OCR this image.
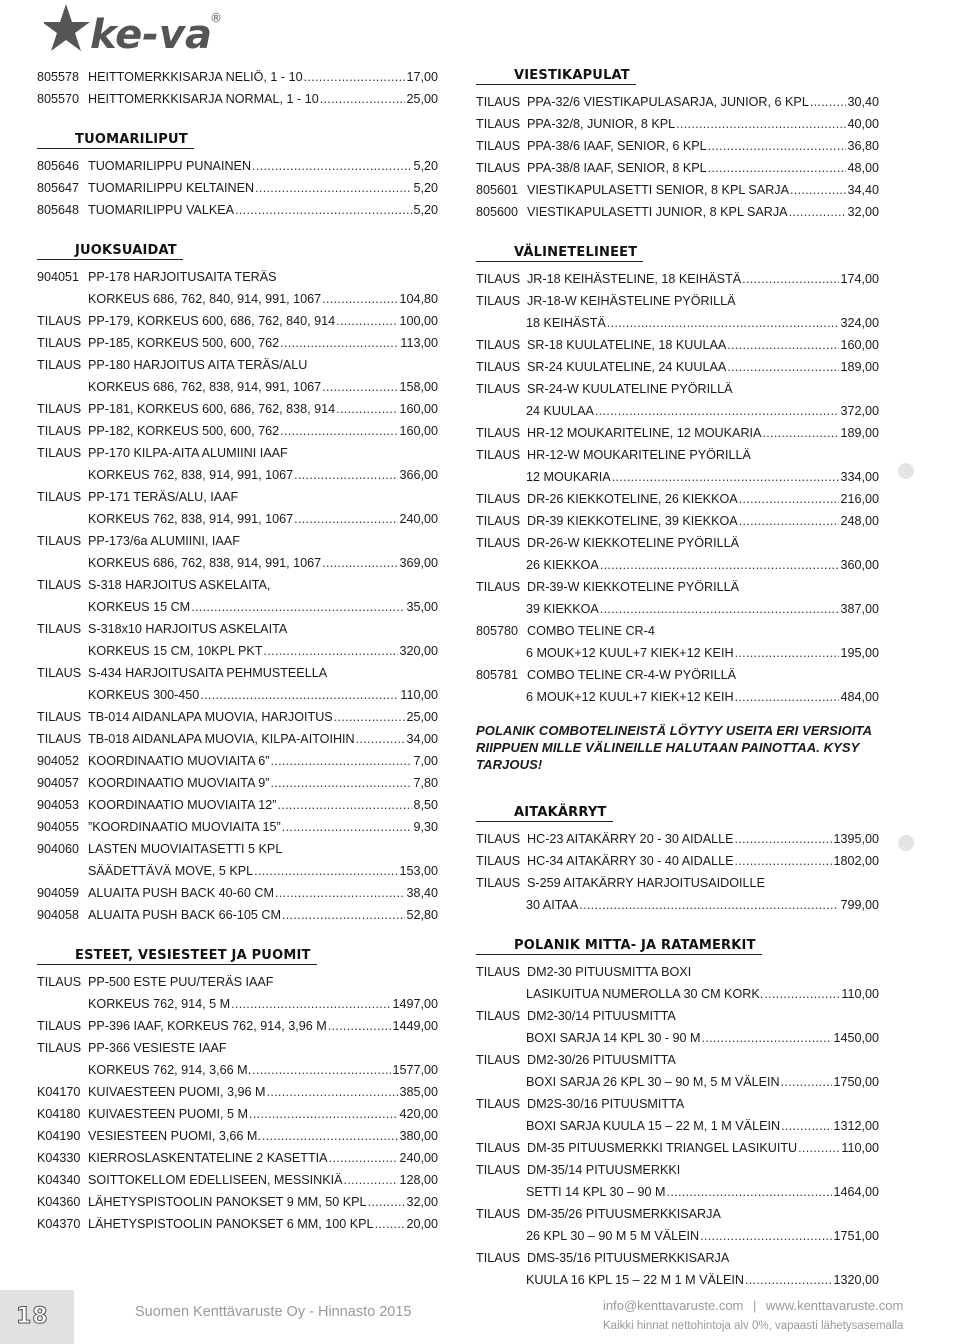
ke-va
®
805578 HEITTOMERKKISARJA NELIÖ, 1 - 10 .....	17,00
805570 HEITTOMERKKISARJA NORMAL, 1 - 10 .....	25,00
TUOMARILIPUT
805646 TUOMARILIPPU PUNAINEN .....	5,20
805647 TUOMARILIPPU KELTAINEN .....	5,20
805648 TUOMARILIPPU VALKEA .....	5,20
JUOKSUAIDAT
904051 PP-178 HARJOITUSAITA TERÄS
KORKEUS 686, 762, 840, 914, 991, 1067 .....	104,80
TILAUS PP-179, KORKEUS 600, 686, 762, 840, 914 .....	100,00
TILAUS PP-185, KORKEUS 500, 600, 762 .....	113,00
TILAUS PP-180 HARJOITUS AITA TERÄS/ALU
KORKEUS 686, 762, 838, 914, 991, 1067 .....	158,00
TILAUS PP-181, KORKEUS 600, 686, 762, 838, 914 .....	160,00
TILAUS PP-182, KORKEUS 500, 600, 762 .....	160,00
TILAUS PP-170 KILPA-AITA ALUMIINI IAAF
KORKEUS 762, 838, 914, 991, 1067 .....	366,00
TILAUS PP-171 TERÄS/ALU, IAAF
KORKEUS 762, 838, 914, 991, 1067 .....	240,00
TILAUS PP-173/6a ALUMIINI, IAAF
KORKEUS 686, 762, 838, 914, 991, 1067 .....	369,00
TILAUS S-318 HARJOITUS ASKELAITA,
KORKEUS 15 CM .....	35,00
TILAUS S-318x10 HARJOITUS ASKELAITA
KORKEUS 15 CM, 10KPL PKT .....	320,00
TILAUS S-434 HARJOITUSAITA PEHMUSTEELLA
KORKEUS 300-450 .....	110,00
TILAUS TB-014 AIDANLAPA MUOVIA, HARJOITUS .....	25,00
TILAUS TB-018 AIDANLAPA MUOVIA, KILPA-AITOIHIN .....	34,00
904052 KOORDINAATIO MUOVIAITA 6” .....	7,00
904057 KOORDINAATIO MUOVIAITA 9” .....	7,80
904053 KOORDINAATIO MUOVIAITA 12” .....	8,50
904055 ”KOORDINAATIO MUOVIAITA 15” .....	9,30
904060 LASTEN MUOVIAITASETTI 5 KPL
SÄÄDETTÄVÄ MOVE, 5 KPL .....	153,00
904059 ALUAITA PUSH BACK 40-60 CM .....	38,40
904058 ALUAITA PUSH BACK 66-105 CM .....	52,80
ESTEET, VESIESTEET JA PUOMIT
TILAUS PP-500 ESTE PUU/TERÄS IAAF
KORKEUS 762, 914, 5 M .....	1497,00
TILAUS PP-396 IAAF, KORKEUS 762, 914, 3,96 M .....	1449,00
TILAUS PP-366 VESIESTE IAAF
KORKEUS 762, 914, 3,66 M. .....	1577,00
K04170 KUIVAESTEEN PUOMI, 3,96 M .....	385,00
K04180 KUIVAESTEEN PUOMI, 5 M .....	420,00
K04190 VESIESTEEN PUOMI, 3,66 M. .....	380,00
K04330 KIERROSLASKENTATELINE 2 KASETTIA .....	240,00
K04340 SOITTOKELLOM EDELLISEEN, MESSINKIÄ .....	128,00
K04360 LÄHETYSPISTOOLIN PANOKSET 9 MM, 50 KPL .....	32,00
K04370 LÄHETYSPISTOOLIN PANOKSET 6 MM, 100 KPL .....	20,00
VIESTIKAPULAT
TILAUS PPA-32/6 VIESTIKAPULASARJA, JUNIOR, 6 KPL .....	30,40
TILAUS PPA-32/8, JUNIOR, 8 KPL .....	40,00
TILAUS PPA-38/6 IAAF, SENIOR, 6 KPL .....	36,80
TILAUS PPA-38/8 IAAF, SENIOR, 8 KPL .....	48,00
805601 VIESTIKAPULASETTI SENIOR, 8 KPL SARJA .....	34,40
805600 VIESTIKAPULASETTI JUNIOR, 8 KPL SARJA .....	32,00
VÄLINETELINEET
TILAUS JR-18 KEIHÄSTELINE, 18 KEIHÄSTÄ .....	174,00
TILAUS JR-18-W KEIHÄSTELINE PYÖRILLÄ
18 KEIHÄSTÄ .....	324,00
TILAUS SR-18 KUULATELINE, 18 KUULAA .....	160,00
TILAUS SR-24 KUULATELINE, 24 KUULAA .....	189,00
TILAUS SR-24-W KUULATELINE PYÖRILLÄ
24 KUULAA .....	372,00
TILAUS HR-12 MOUKARITELINE, 12 MOUKARIA .....	189,00
TILAUS HR-12-W MOUKARITELINE PYÖRILLÄ
12 MOUKARIA .....	334,00
TILAUS DR-26 KIEKKOTELINE, 26 KIEKKOA .....	216,00
TILAUS DR-39 KIEKKOTELINE, 39 KIEKKOA .....	248,00
TILAUS DR-26-W KIEKKOTELINE PYÖRILLÄ
26 KIEKKOA .....	360,00
TILAUS DR-39-W KIEKKOTELINE PYÖRILLÄ
39 KIEKKOA .....	387,00
805780 COMBO TELINE CR-4
6 MOUK+12 KUUL+7 KIEK+12 KEIH .....	195,00
805781 COMBO TELINE CR-4-W PYÖRILLÄ
6 MOUK+12 KUUL+7 KIEK+12 KEIH .....	484,00
POLANIK COMBOTELINEISTÄ LÖYTYY USEITA ERI VERSIOITA RIIPPUEN MILLE VÄLINEILLE HALUTAAN PAINOTTAA. KYSY TARJOUS!
AITAKÄRRYT
TILAUS HC-23 AITAKÄRRY 20 - 30 AIDALLE .....	1395,00
TILAUS HC-34 AITAKÄRRY 30 - 40 AIDALLE .....	1802,00
TILAUS S-259 AITAKÄRRY HARJOITUSAIDOILLE
30 AITAA .....	799,00
POLANIK MITTA- JA RATAMERKIT
TILAUS DM2-30 PITUUSMITTA BOXI
LASIKUITUA NUMEROLLA 30 CM KORK. .....	110,00
TILAUS DM2-30/14 PITUUSMITTA
BOXI SARJA 14 KPL 30 - 90 M .....	1450,00
TILAUS DM2-30/26 PITUUSMITTA
BOXI SARJA 26 KPL 30 – 90 M, 5 M VÄLEIN .....	1750,00
TILAUS DM2S-30/16 PITUUSMITTA
BOXI SARJA KUULA 15 – 22 M, 1 M VÄLEIN .....	1312,00
TILAUS DM-35 PITUUSMERKKI TRIANGEL LASIKUITU .....	110,00
TILAUS DM-35/14 PITUUSMERKKI
SETTI 14 KPL 30 – 90 M .....	1464,00
TILAUS DM-35/26 PITUUSMERKKISARJA
26 KPL 30 – 90 M 5 M VÄLEIN .....	1751,00
TILAUS DMS-35/16 PITUUSMERKKISARJA
KUULA 16 KPL 15 – 22 M 1 M VÄLEIN .....	1320,00
18	Suomen Kenttävaruste Oy - Hinnasto 2015	info@kenttavaruste.com | www.kenttavaruste.com
Kaikki hinnat nettohintoja alv 0%, vapaasti lähetysasemalla
